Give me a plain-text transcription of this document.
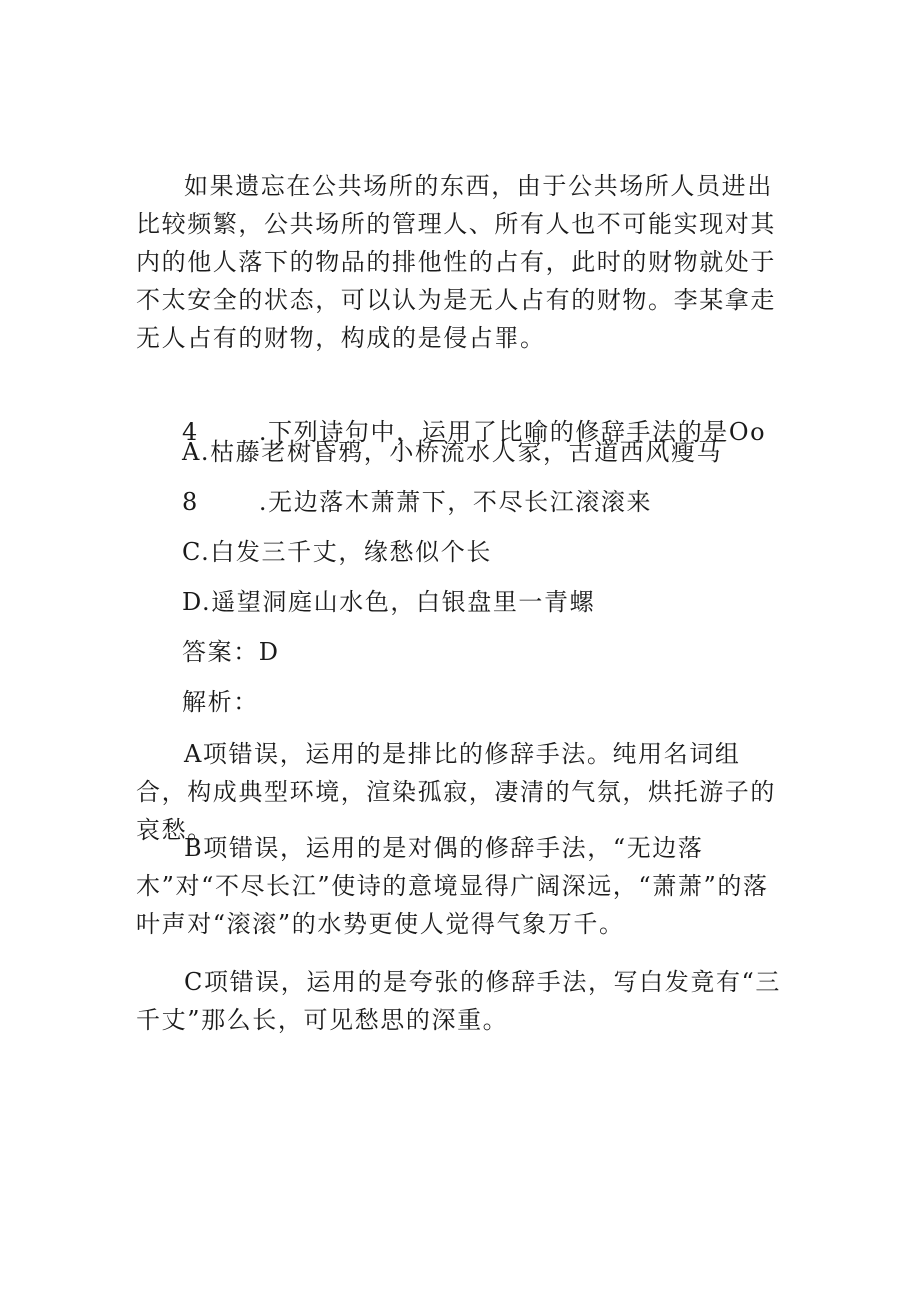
如果遗忘在公共场所的东西，由于公共场所人员进出比较频繁，公共场所的管理人、所有人也不可能实现对其内的他人落下的物品的排他性的占有，此时的财物就处于不太安全的状态，可以认为是无人占有的财物。李某拿走无人占有的财物，构成的是侵占罪。

4	.下列诗句中，运用了比喻的修辞手法的是Oo

A.枯藤老树昏鸦，小桥流水人家，古道西风瘦马

8	.无边落木萧萧下，不尽长江滚滚来

C.白发三千丈，缘愁似个长

D.遥望洞庭山水色，白银盘里一青螺

答案：D

解析：

A项错误，运用的是排比的修辞手法。纯用名词组合，构成典型环境，渲染孤寂，凄清的气氛，烘托游子的哀愁。

B项错误，运用的是对偶的修辞手法，“无边落木”对“不尽长江”使诗的意境显得广阔深远，“萧萧”的落叶声对“滚滚”的水势更使人觉得气象万千。

C项错误，运用的是夸张的修辞手法，写白发竟有“三千丈”那么长，可见愁思的深重。
